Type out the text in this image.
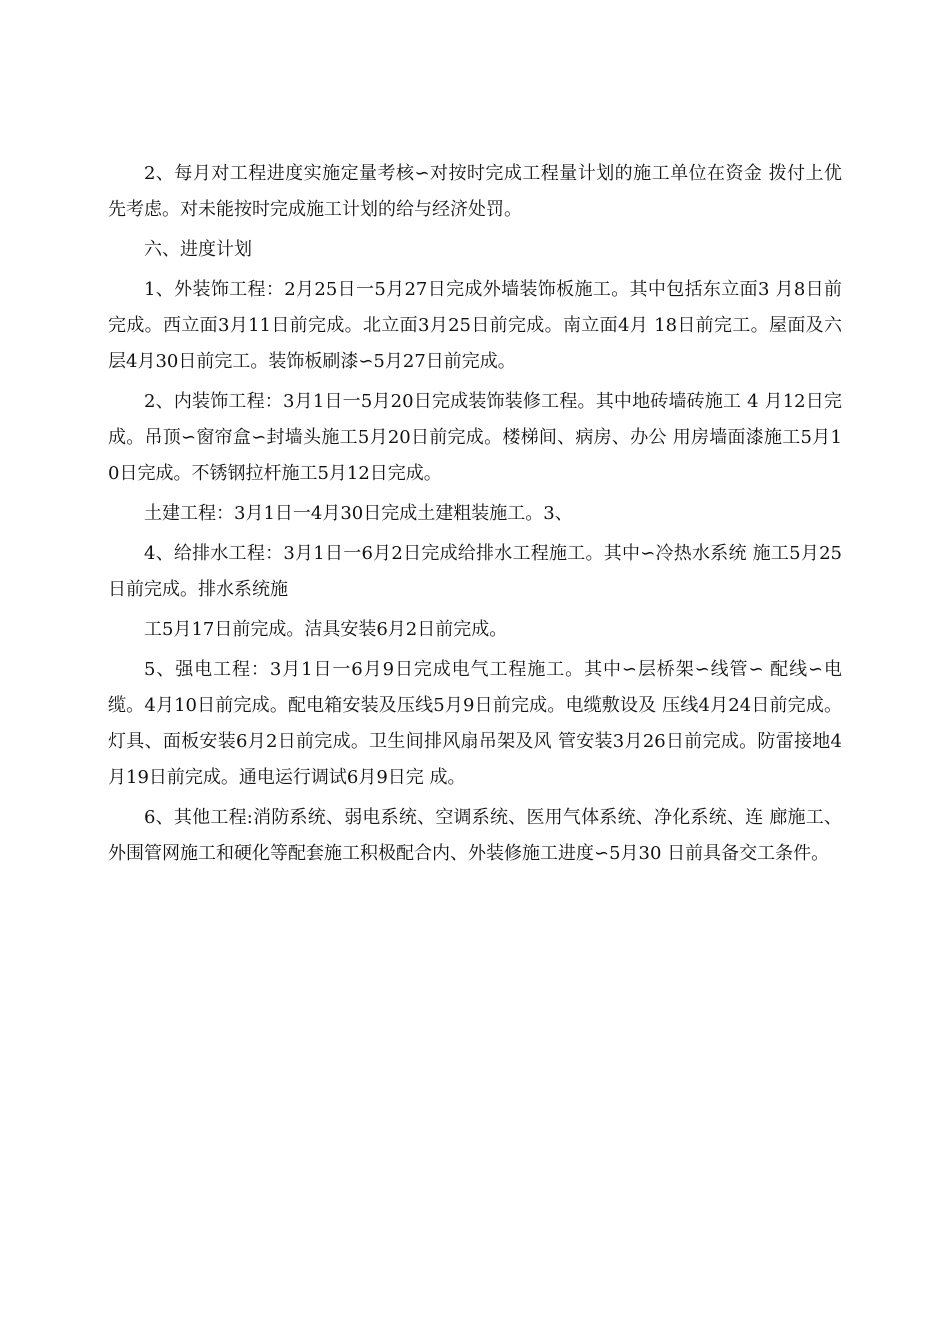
2、每月对工程进度实施定量考核∽对按时完成工程量计划的施工单位在资金 拨付上优先考虑。对未能按时完成施工计划的给与经济处罚。

六、进度计划

1、外装饰工程：2月25日一5月27日完成外墙装饰板施工。其中包括东立面3 月8日前完成。西立面3月11日前完成。北立面3月25日前完成。南立面4月 18日前完工。屋面及六层4月30日前完工。装饰板刷漆∽5月27日前完成。

2、内装饰工程：3月1日一5月20日完成装饰装修工程。其中地砖墙砖施工 4 月12日完成。吊顶∽窗帘盒∽封墙头施工5月20日前完成。楼梯间、病房、办公 用房墙面漆施工5月10日完成。不锈钢拉杆施工5月12日完成。

土建工程：3月1日一4月30日完成土建粗装施工。3、

4、给排水工程：3月1日一6月2日完成给排水工程施工。其中∽冷热水系统 施工5月25日前完成。排水系统施

工5月17日前完成。洁具安装6月2日前完成。

5、强电工程：3月1日一6月9日完成电气工程施工。其中∽层桥架∽线管∽ 配线∽电缆。4月10日前完成。配电箱安装及压线5月9日前完成。电缆敷设及 压线4月24日前完成。灯具、面板安装6月2日前完成。卫生间排风扇吊架及风 管安装3月26日前完成。防雷接地4月19日前完成。通电运行调试6月9日完 成。

6、其他工程:消防系统、弱电系统、空调系统、医用气体系统、净化系统、连 廊施工、外围管网施工和硬化等配套施工积极配合内、外装修施工进度∽5月30 日前具备交工条件。
